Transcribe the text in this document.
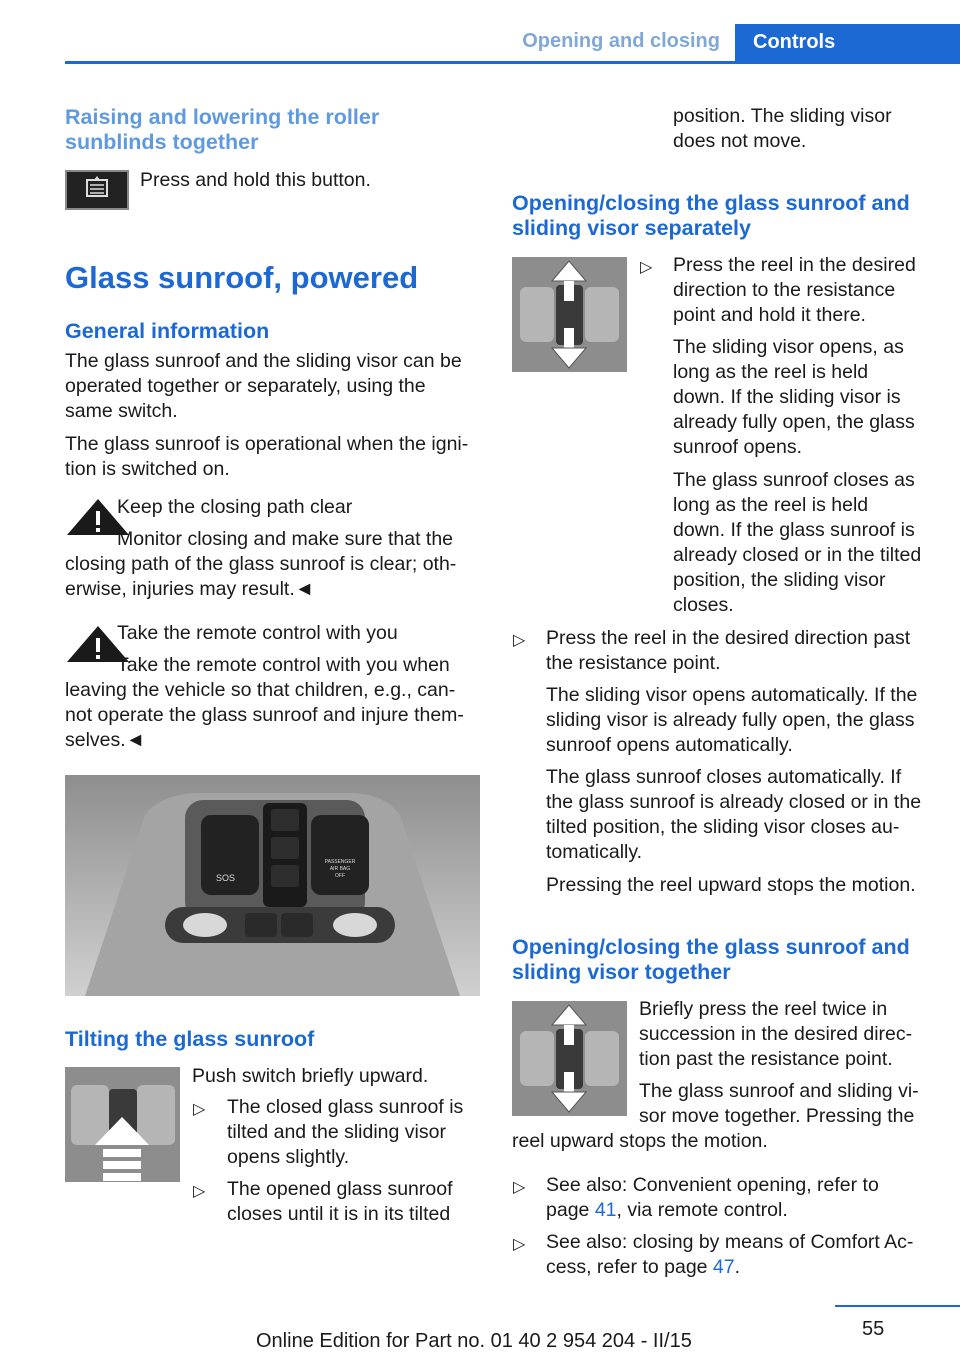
Opening and closing Controls
Raising and lowering the roller
sunblinds together
Press and hold this button.
Glass sunroof, powered
General information
The glass sunroof and the sliding visor can be
operated together or separately, using the
same switch.
The glass sunroof is operational when the igni-
tion is switched on.
Keep the closing path clear
Monitor closing and make sure that the
closing path of the glass sunroof is clear; oth-
erwise, injuries may result.◄
Take the remote control with you
Take the remote control with you when
leaving the vehicle so that children, e.g., can-
not operate the glass sunroof and injure them-
selves.◄
SOS
PASSENGER
AIR BAG
OFF
Tilting the glass sunroof
Push switch briefly upward.
▷ The closed glass sunroof is
tilted and the sliding visor
opens slightly.
▷ The opened glass sunroof
closes until it is in its tilted
position. The sliding visor
does not move.
Opening/closing the glass sunroof and
sliding visor separately
▷ Press the reel in the desired
direction to the resistance
point and hold it there.
The sliding visor opens, as
long as the reel is held
down. If the sliding visor is
already fully open, the glass
sunroof opens.
The glass sunroof closes as
long as the reel is held
down. If the glass sunroof is
already closed or in the tilted
position, the sliding visor
closes.
▷ Press the reel in the desired direction past
the resistance point.
The sliding visor opens automatically. If the
sliding visor is already fully open, the glass
sunroof opens automatically.
The glass sunroof closes automatically. If
the glass sunroof is already closed or in the
tilted position, the sliding visor closes au-
tomatically.
Pressing the reel upward stops the motion.
Opening/closing the glass sunroof and
sliding visor together
Briefly press the reel twice in
succession in the desired direc-
tion past the resistance point.
The glass sunroof and sliding vi-
sor move together. Pressing the
reel upward stops the motion.
▷ See also: Convenient opening, refer to
page 41, via remote control.
▷ See also: closing by means of Comfort Ac-
cess, refer to page 47.
55
Online Edition for Part no. 01 40 2 954 204 - II/15
